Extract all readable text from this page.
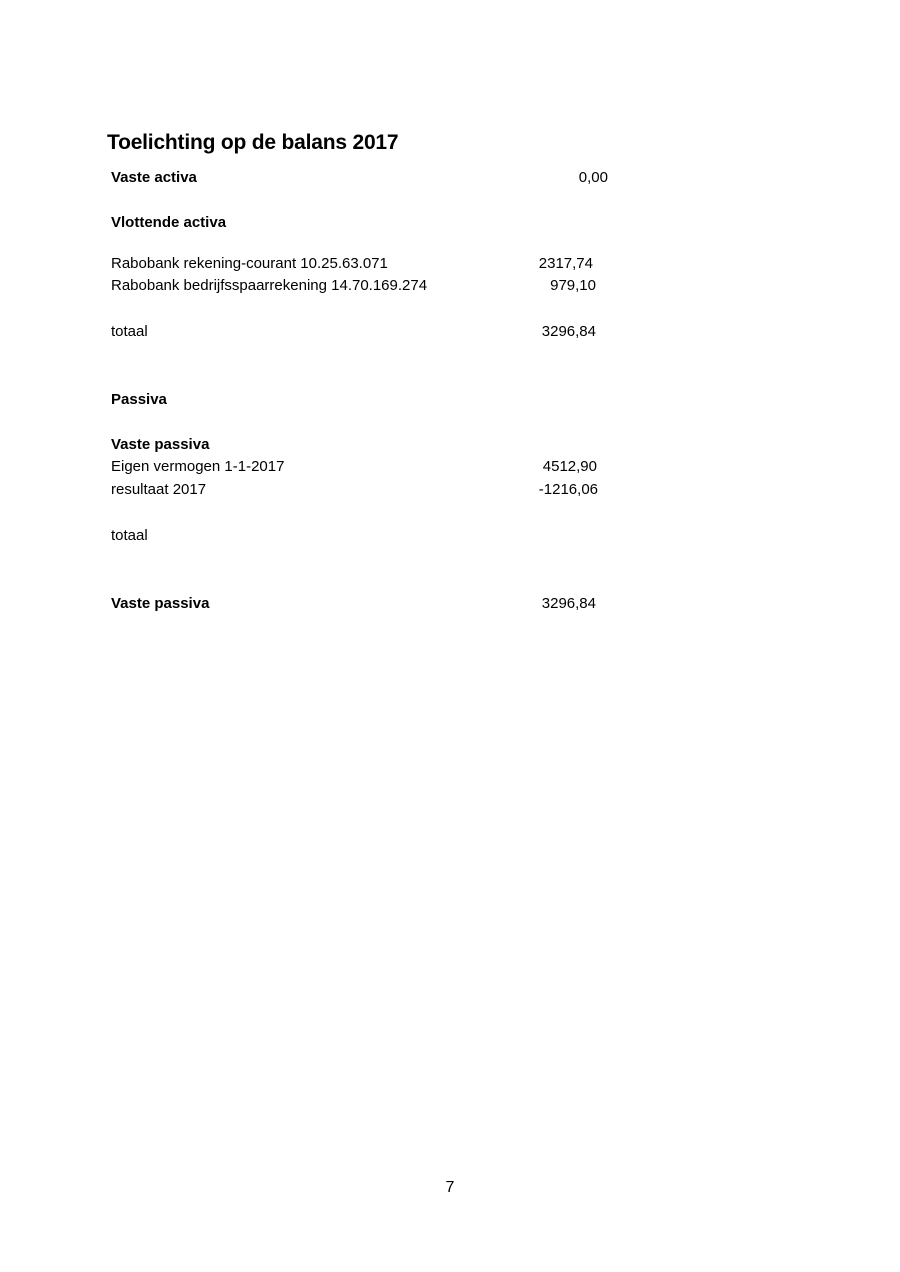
Toelichting op de balans 2017
Vaste activa	0,00
Vlottende activa
Rabobank rekening-courant 10.25.63.071	2317,74
Rabobank bedrijfsspaarrekening 14.70.169.274	979,10
totaal	3296,84
Passiva
Vaste passiva
Eigen vermogen 1-1-2017	4512,90
resultaat 2017	-1216,06
totaal
Vaste passiva	3296,84
7
